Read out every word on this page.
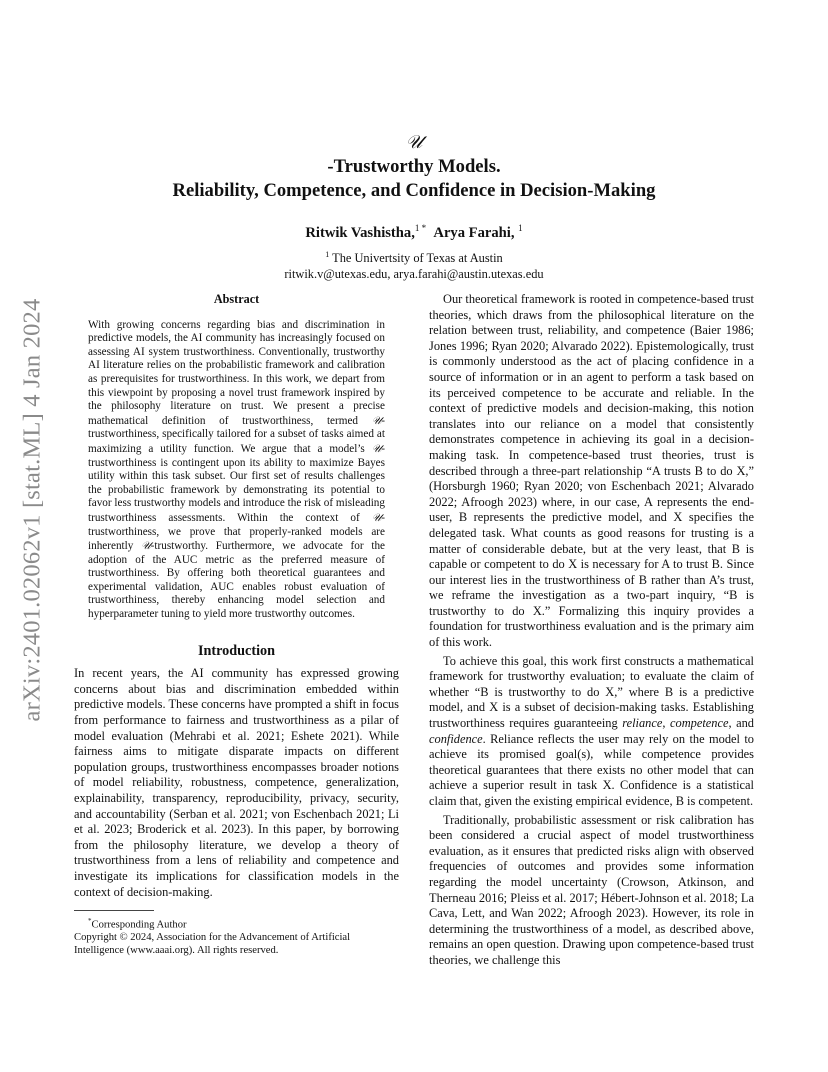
arXiv:2401.02062v1 [stat.ML] 4 Jan 2024
𝒰
-Trustworthy Models.
Reliability, Competence, and Confidence in Decision-Making
Ritwik Vashistha,$^{1 *}$ Arya Farahi, $^1$
$^1$ The Univertsity of Texas at Austin
ritwik.v@utexas.edu, arya.farahi@austin.utexas.edu
Abstract

With growing concerns regarding bias and discrimination in predictive models, the AI community has increasingly focused on assessing AI system trustworthiness. Conventionally, trustworthy AI literature relies on the probabilistic framework and calibration as prerequisites for trustworthiness. In this work, we depart from this viewpoint by proposing a novel trust framework inspired by the philosophy literature on trust. We present a precise mathematical definition of trustworthiness, termed 𝒰-trustworthiness, specifically tailored for a subset of tasks aimed at maximizing a utility function. We argue that a model’s 𝒰-trustworthiness is contingent upon its ability to maximize Bayes utility within this task subset. Our first set of results challenges the probabilistic framework by demonstrating its potential to favor less trustworthy models and introduce the risk of misleading trustworthiness assessments. Within the context of 𝒰-trustworthiness, we prove that properly-ranked models are inherently 𝒰-trustworthy. Furthermore, we advocate for the adoption of the AUC metric as the preferred measure of trustworthiness. By offering both theoretical guarantees and experimental validation, AUC enables robust evaluation of trustworthiness, thereby enhancing model selection and hyperparameter tuning to yield more trustworthy outcomes.

Introduction

In recent years, the AI community has expressed growing concerns about bias and discrimination embedded within predictive models. These concerns have prompted a shift in focus from performance to fairness and trustworthiness as a pilar of model evaluation (Mehrabi et al. 2021; Eshete 2021). While fairness aims to mitigate disparate impacts on different population groups, trustworthiness encompasses broader notions of model reliability, robustness, competence, generalization, explainability, transparency, reproducibility, privacy, security, and accountability (Serban et al. 2021; von Eschenbach 2021; Li et al. 2023; Broderick et al. 2023). In this paper, by borrowing from the philosophy literature, we develop a theory of trustworthiness from a lens of reliability and competence and investigate its implications for classification models in the context of decision-making.

*Corresponding Author
Copyright © 2024, Association for the Advancement of Artificial Intelligence (www.aaai.org). All rights reserved.

Our theoretical framework is rooted in competence-based trust theories, which draws from the philosophical literature on the relation between trust, reliability, and competence (Baier 1986; Jones 1996; Ryan 2020; Alvarado 2022). Epistemologically, trust is commonly understood as the act of placing confidence in a source of information or in an agent to perform a task based on its perceived competence to be accurate and reliable. In the context of predictive models and decision-making, this notion translates into our reliance on a model that consistently demonstrates competence in achieving its goal in a decision-making task. In competence-based trust theories, trust is described through a three-part relationship “A trusts B to do X,” (Horsburgh 1960; Ryan 2020; von Eschenbach 2021; Alvarado 2022; Afroogh 2023) where, in our case, A represents the end-user, B represents the predictive model, and X specifies the delegated task. What counts as good reasons for trusting is a matter of considerable debate, but at the very least, that B is capable or competent to do X is necessary for A to trust B. Since our interest lies in the trustworthiness of B rather than A’s trust, we reframe the investigation as a two-part inquiry, “B is trustworthy to do X.” Formalizing this inquiry provides a foundation for trustworthiness evaluation and is the primary aim of this work.

To achieve this goal, this work first constructs a mathematical framework for trustworthy evaluation; to evaluate the claim of whether “B is trustworthy to do X,” where B is a predictive model, and X is a subset of decision-making tasks. Establishing trustworthiness requires guaranteeing reliance, competence, and confidence. Reliance reflects the user may rely on the model to achieve its promised goal(s), while competence provides theoretical guarantees that there exists no other model that can achieve a superior result in task X. Confidence is a statistical claim that, given the existing empirical evidence, B is competent.

Traditionally, probabilistic assessment or risk calibration has been considered a crucial aspect of model trustworthiness evaluation, as it ensures that predicted risks align with observed frequencies of outcomes and provides some information regarding the model uncertainty (Crowson, Atkinson, and Therneau 2016; Pleiss et al. 2017; Hébert-Johnson et al. 2018; La Cava, Lett, and Wan 2022; Afroogh 2023). However, its role in determining the trustworthiness of a model, as described above, remains an open question. Drawing upon competence-based trust theories, we challenge this
